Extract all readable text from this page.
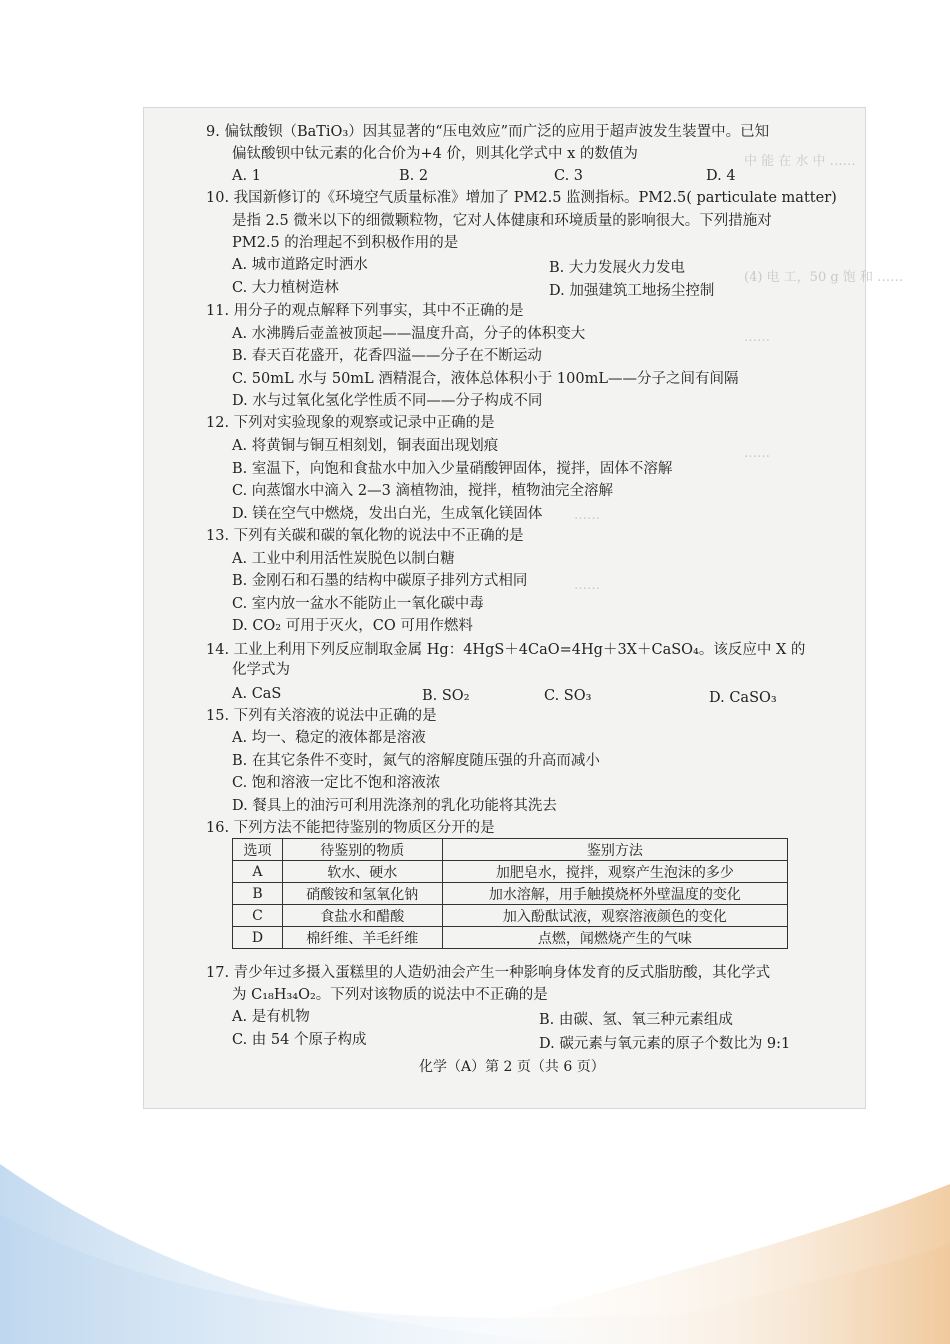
中 能 在 水 中 ……
(4) 电 工，50 g 饱 和 ……
……
……
……
……
9. 偏钛酸钡（BaTiO₃）因其显著的“压电效应”而广泛的应用于超声波发生装置中。已知
偏钛酸钡中钛元素的化合价为+4 价，则其化学式中 x 的数值为
A. 1	B. 2	C. 3	D. 4
10. 我国新修订的《环境空气质量标准》增加了 PM2.5 监测指标。PM2.5( particulate matter)
是指 2.5 微米以下的细微颗粒物，它对人体健康和环境质量的影响很大。下列措施对
PM2.5 的治理起不到积极作用的是
A. 城市道路定时洒水	B. 大力发展火力发电
C. 大力植树造林	D. 加强建筑工地扬尘控制
11. 用分子的观点解释下列事实，其中不正确的是
A. 水沸腾后壶盖被顶起——温度升高，分子的体积变大
B. 春天百花盛开，花香四溢——分子在不断运动
C. 50mL 水与 50mL 酒精混合，液体总体积小于 100mL——分子之间有间隔
D. 水与过氧化氢化学性质不同——分子构成不同
12. 下列对实验现象的观察或记录中正确的是
A. 将黄铜与铜互相刻划，铜表面出现划痕
B. 室温下，向饱和食盐水中加入少量硝酸钾固体，搅拌，固体不溶解
C. 向蒸馏水中滴入 2—3 滴植物油，搅拌，植物油完全溶解
D. 镁在空气中燃烧，发出白光，生成氧化镁固体
13. 下列有关碳和碳的氧化物的说法中不正确的是
A. 工业中利用活性炭脱色以制白糖
B. 金刚石和石墨的结构中碳原子排列方式相同
C. 室内放一盆水不能防止一氧化碳中毒
D. CO₂ 可用于灭火，CO 可用作燃料
14. 工业上利用下列反应制取金属 Hg：4HgS＋4CaO=4Hg＋3X＋CaSO₄。该反应中 X 的
化学式为
A. CaS	B. SO₂	C. SO₃	D. CaSO₃
15. 下列有关溶液的说法中正确的是
A. 均一、稳定的液体都是溶液
B. 在其它条件不变时，氮气的溶解度随压强的升高而减小
C. 饱和溶液一定比不饱和溶液浓
D. 餐具上的油污可利用洗涤剂的乳化功能将其洗去
16. 下列方法不能把待鉴别的物质区分开的是
选项	待鉴别的物质	鉴别方法
A	软水、硬水	加肥皂水，搅拌，观察产生泡沫的多少
B	硝酸铵和氢氧化钠	加水溶解，用手触摸烧杯外壁温度的变化
C	食盐水和醋酸	加入酚酞试液，观察溶液颜色的变化
D	棉纤维、羊毛纤维	点燃，闻燃烧产生的气味
17. 青少年过多摄入蛋糕里的人造奶油会产生一种影响身体发育的反式脂肪酸，其化学式
为 C₁₈H₃₄O₂。下列对该物质的说法中不正确的是
A. 是有机物	B. 由碳、氢、氧三种元素组成
C. 由 54 个原子构成	D. 碳元素与氧元素的原子个数比为 9:1
化学（A）第 2 页（共 6 页）
